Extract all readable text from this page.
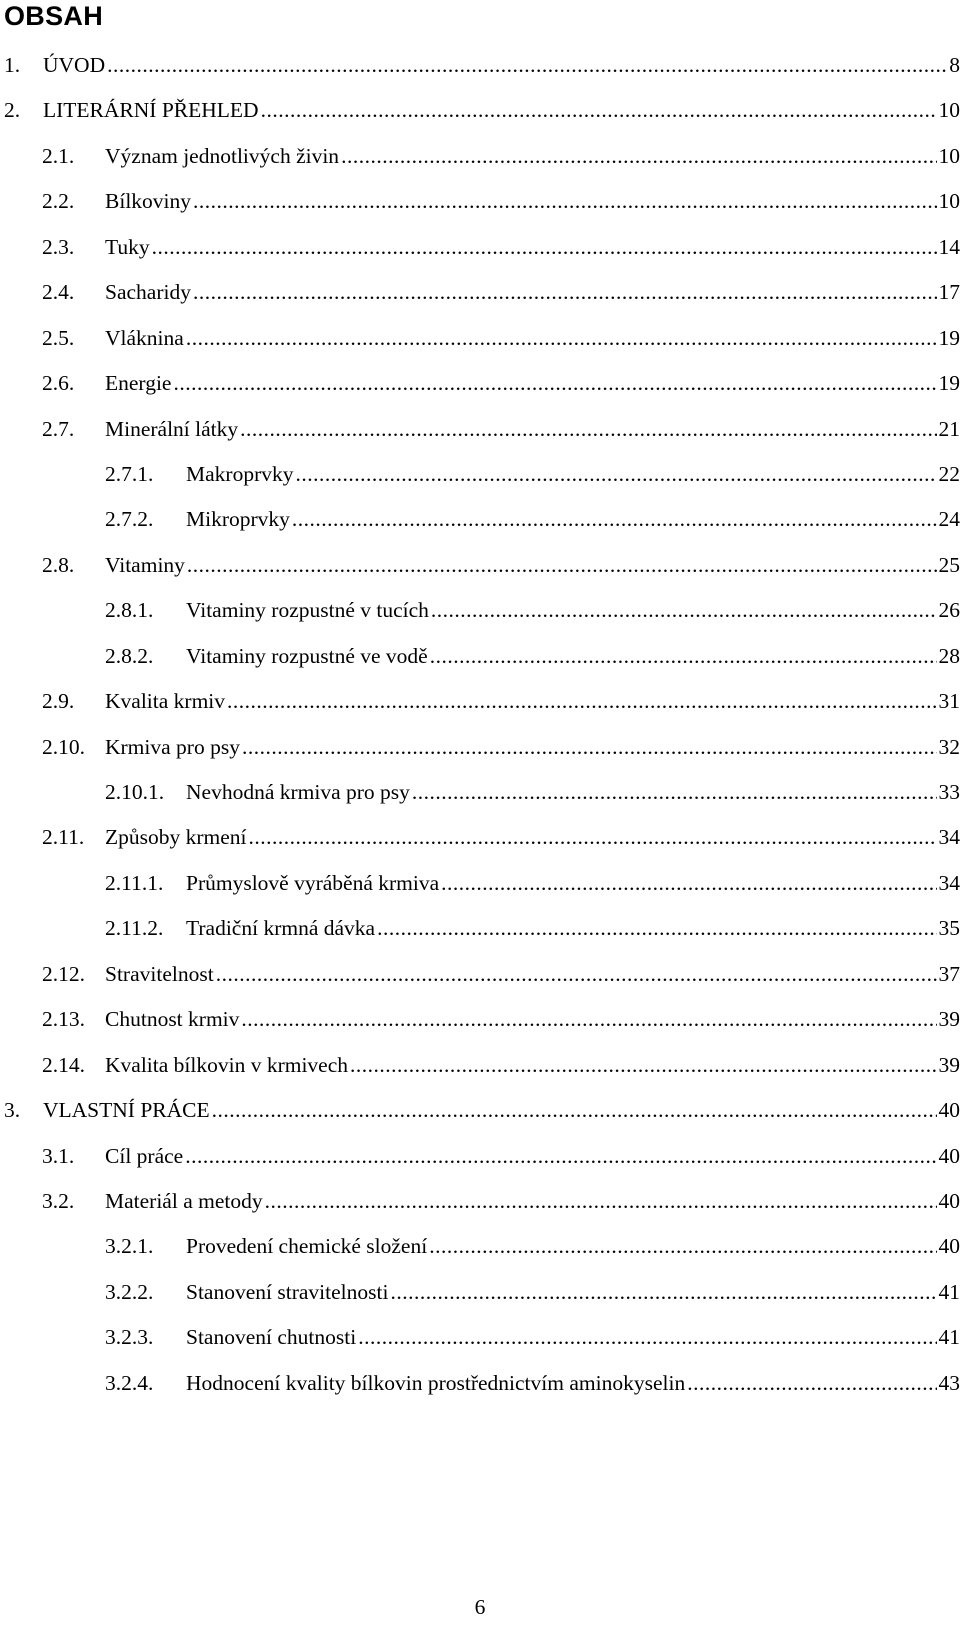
OBSAH
1.	ÚVOD .....	8
2.	LITERÁRNÍ PŘEHLED .....	10
2.1.	Význam jednotlivých živin .....	10
2.2.	Bílkoviny .....	10
2.3.	Tuky .....	14
2.4.	Sacharidy .....	17
2.5.	Vláknina .....	19
2.6.	Energie .....	19
2.7.	Minerální látky .....	21
2.7.1.	Makroprvky .....	22
2.7.2.	Mikroprvky .....	24
2.8.	Vitaminy .....	25
2.8.1.	Vitaminy rozpustné v tucích .....	26
2.8.2.	Vitaminy rozpustné ve vodě .....	28
2.9.	Kvalita krmiv .....	31
2.10. Krmiva pro psy .....	32
2.10.1.	Nevhodná krmiva pro psy .....	33
2.11. Způsoby krmení .....	34
2.11.1.	Průmyslově vyráběná krmiva .....	34
2.11.2.	Tradiční krmná dávka .....	35
2.12. Stravitelnost .....	37
2.13. Chutnost krmiv .....	39
2.14. Kvalita bílkovin v krmivech .....	39
3.	VLASTNÍ PRÁCE .....	40
3.1.	Cíl práce .....	40
3.2.	Materiál a metody .....	40
3.2.1.	Provedení chemické složení .....	40
3.2.2.	Stanovení stravitelnosti .....	41
3.2.3.	Stanovení chutnosti .....	41
3.2.4.	Hodnocení kvality bílkovin prostřednictvím aminokyselin .....	43
6
